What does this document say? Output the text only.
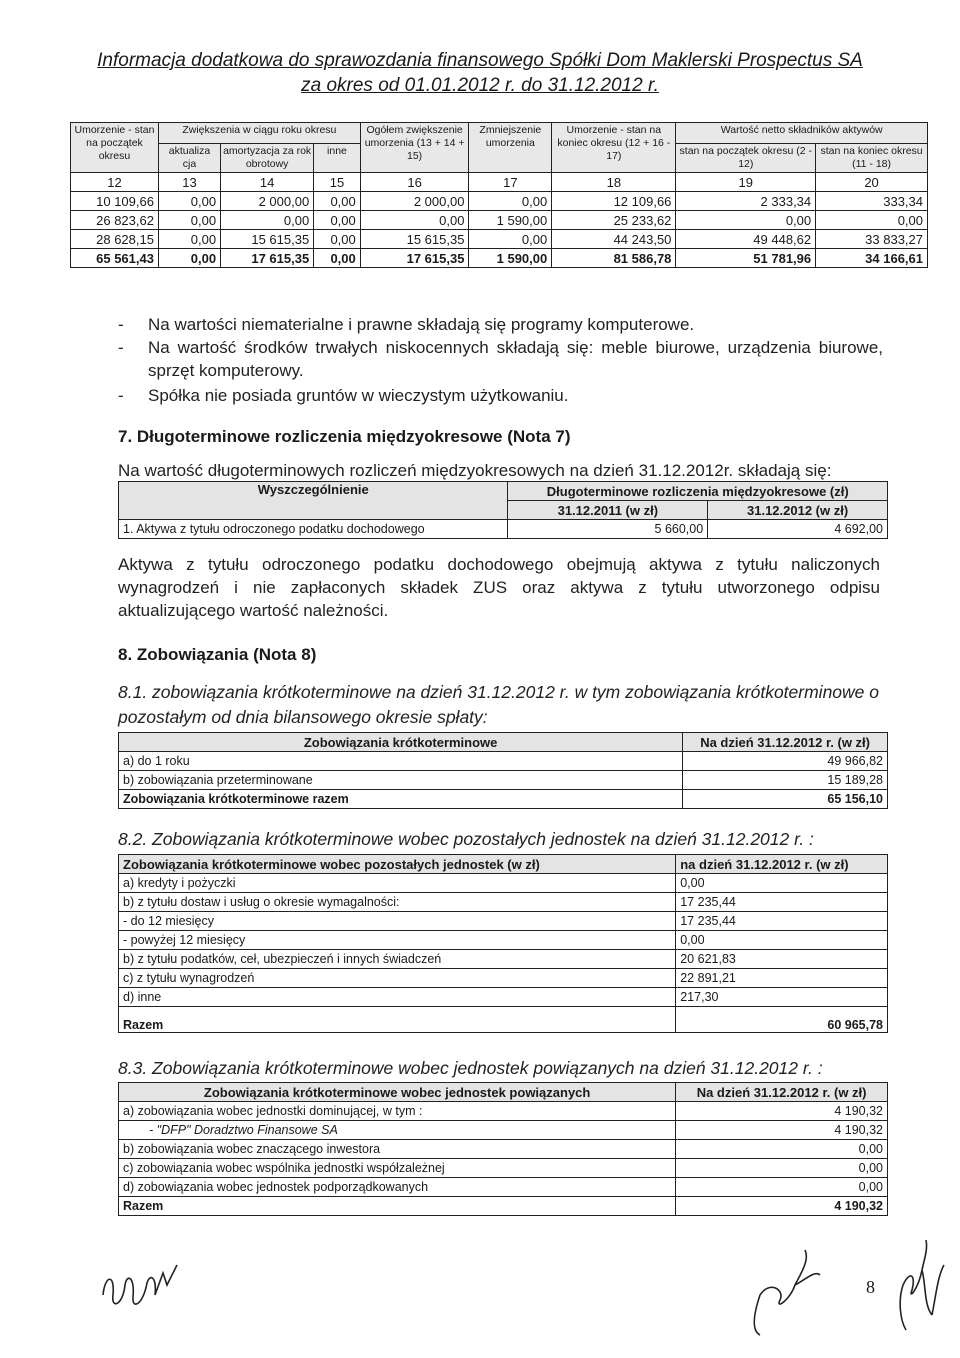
Informacja dodatkowa do sprawozdania finansowego Spółki Dom Maklerski Prospectus SA
za okres od 01.01.2012 r. do 31.12.2012 r.
Umorzenie - stan na początek okresu	Zwiększenia w ciągu roku okresu			Ogółem zwiększenie umorzenia (13 + 14 + 15)	Zmniejszenie umorzenia	Umorzenie - stan na koniec okresu (12 + 16 - 17)	Wartość netto składników aktywów	
	aktualiza cja	amortyzacja za rok obrotowy	inne				stan na początek okresu (2 - 12)	stan na koniec okresu (11 - 18)
12	13	14	15	16	17	18	19	20
10 109,66	0,00	2 000,00	0,00	2 000,00	0,00	12 109,66	2 333,34	333,34
26 823,62	0,00	0,00	0,00	0,00	1 590,00	25 233,62	0,00	0,00
28 628,15	0,00	15 615,35	0,00	15 615,35	0,00	44 243,50	49 448,62	33 833,27
65 561,43	0,00	17 615,35	0,00	17 615,35	1 590,00	81 586,78	51 781,96	34 166,61
- Na wartości niematerialne i prawne składają się programy komputerowe.
- Na wartość środków trwałych niskocennych składają się: meble biurowe, urządzenia biurowe, sprzęt komputerowy.
- Spółka nie posiada gruntów w wieczystym użytkowaniu.
7. Długoterminowe rozliczenia międzyokresowe (Nota 7)
Na wartość długoterminowych rozliczeń międzyokresowych na dzień 31.12.2012r. składają się:
Wyszczególnienie	Długoterminowe rozliczenia międzyokresowe (zł)	
	31.12.2011 (w zł)	31.12.2012 (w zł)
1. Aktywa z tytułu odroczonego podatku dochodowego	5 660,00	4 692,00
Aktywa z tytułu odroczonego podatku dochodowego obejmują aktywa z tytułu naliczonych wynagrodzeń i nie zapłaconych składek ZUS oraz aktywa z tytułu utworzonego odpisu aktualizującego wartość należności.
8. Zobowiązania (Nota 8)
8.1. zobowiązania krótkoterminowe na dzień 31.12.2012 r. w tym zobowiązania krótkoterminowe o pozostałym od dnia bilansowego okresie spłaty:
Zobowiązania krótkoterminowe	Na dzień 31.12.2012 r. (w zł)
a) do 1 roku	49 966,82
b) zobowiązania przeterminowane	15 189,28
Zobowiązania krótkoterminowe razem	65 156,10
8.2. Zobowiązania krótkoterminowe wobec pozostałych jednostek na dzień 31.12.2012 r. :
Zobowiązania krótkoterminowe wobec pozostałych jednostek (w zł)	na dzień 31.12.2012 r. (w zł)
a) kredyty i pożyczki	0,00
b) z tytułu dostaw i usług o okresie wymagalności:	17 235,44
- do 12 miesięcy	17 235,44
- powyżej 12 miesięcy	0,00
b) z tytułu podatków, ceł, ubezpieczeń i innych świadczeń	20 621,83
c) z tytułu wynagrodzeń	22 891,21
d) inne	217,30
Razem	60 965,78
8.3. Zobowiązania krótkoterminowe wobec jednostek powiązanych na dzień 31.12.2012 r. :
Zobowiązania krótkoterminowe wobec jednostek powiązanych	Na dzień 31.12.2012 r. (w zł)
a) zobowiązania wobec jednostki dominującej, w tym :	4 190,32
- "DFP" Doradztwo Finansowe SA	4 190,32
b) zobowiązania wobec znaczącego inwestora	0,00
c) zobowiązania wobec wspólnika jednostki współzależnej	0,00
d) zobowiązania wobec jednostek podporządkowanych	0,00
Razem	4 190,32
8
